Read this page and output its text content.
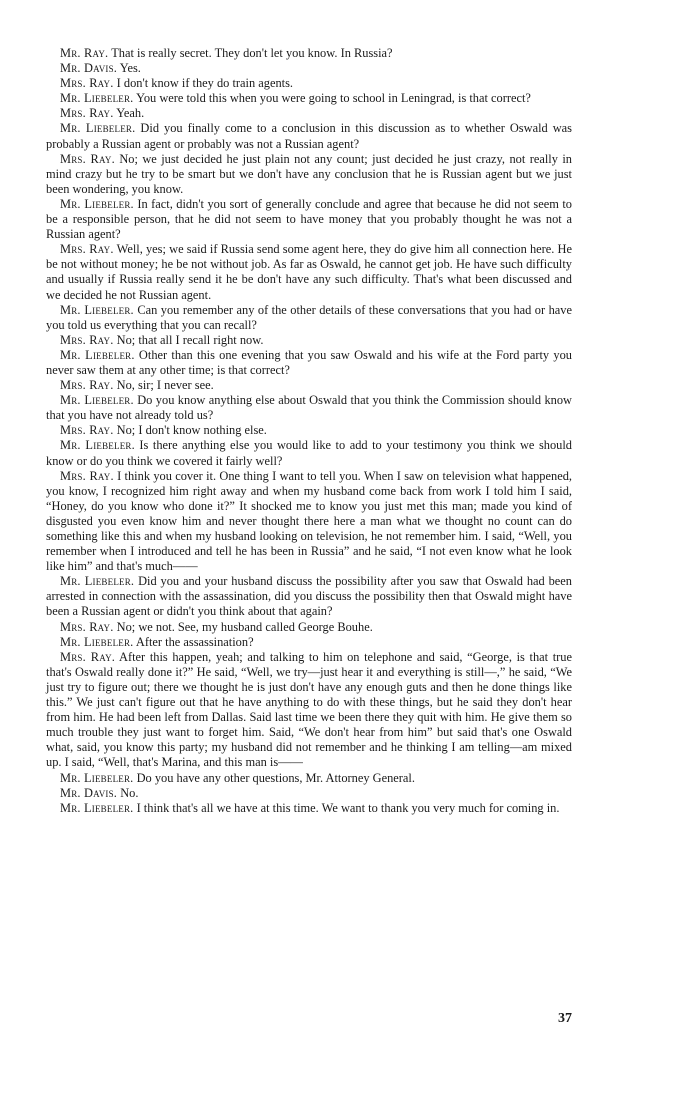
Mr. Ray. That is really secret. They don't let you know. In Russia?

Mr. Davis. Yes.

Mrs. Ray. I don't know if they do train agents.

Mr. Liebeler. You were told this when you were going to school in Leningrad, is that correct?

Mrs. Ray. Yeah.

Mr. Liebeler. Did you finally come to a conclusion in this discussion as to whether Oswald was probably a Russian agent or probably was not a Russian agent?

Mrs. Ray. No; we just decided he just plain not any count; just decided he just crazy, not really in mind crazy but he try to be smart but we don't have any conclusion that he is Russian agent but we just been wondering, you know.

Mr. Liebeler. In fact, didn't you sort of generally conclude and agree that because he did not seem to be a responsible person, that he did not seem to have money that you probably thought he was not a Russian agent?

Mrs. Ray. Well, yes; we said if Russia send some agent here, they do give him all connection here. He be not without money; he be not without job. As far as Oswald, he cannot get job. He have such difficulty and usually if Russia really send it he be don't have any such difficulty. That's what been discussed and we decided he not Russian agent.

Mr. Liebeler. Can you remember any of the other details of these conversations that you had or have you told us everything that you can recall?

Mrs. Ray. No; that all I recall right now.

Mr. Liebeler. Other than this one evening that you saw Oswald and his wife at the Ford party you never saw them at any other time; is that correct?

Mrs. Ray. No, sir; I never see.

Mr. Liebeler. Do you know anything else about Oswald that you think the Commission should know that you have not already told us?

Mrs. Ray. No; I don't know nothing else.

Mr. Liebeler. Is there anything else you would like to add to your testimony you think we should know or do you think we covered it fairly well?

Mrs. Ray. I think you cover it. One thing I want to tell you. When I saw on television what happened, you know, I recognized him right away and when my husband come back from work I told him I said, “Honey, do you know who done it?” It shocked me to know you just met this man; made you kind of disgusted you even know him and never thought there here a man what we thought no count can do something like this and when my husband looking on television, he not remember him. I said, “Well, you remember when I introduced and tell he has been in Russia” and he said, “I not even know what he look like him” and that's much——

Mr. Liebeler. Did you and your husband discuss the possibility after you saw that Oswald had been arrested in connection with the assassination, did you discuss the possibility then that Oswald might have been a Russian agent or didn't you think about that again?

Mrs. Ray. No; we not. See, my husband called George Bouhe.

Mr. Liebeler. After the assassination?

Mrs. Ray. After this happen, yeah; and talking to him on telephone and said, “George, is that true that's Oswald really done it?” He said, “Well, we try—just hear it and everything is still—,” he said, “We just try to figure out; there we thought he is just don't have any enough guts and then he done things like this.” We just can't figure out that he have anything to do with these things, but he said they don't hear from him. He had been left from Dallas. Said last time we been there they quit with him. He give them so much trouble they just want to forget him. Said, “We don't hear from him” but said that's one Oswald what, said, you know this party; my husband did not remember and he thinking I am telling—am mixed up. I said, “Well, that's Marina, and this man is——

Mr. Liebeler. Do you have any other questions, Mr. Attorney General.

Mr. Davis. No.

Mr. Liebeler. I think that's all we have at this time. We want to thank you very much for coming in.

37
